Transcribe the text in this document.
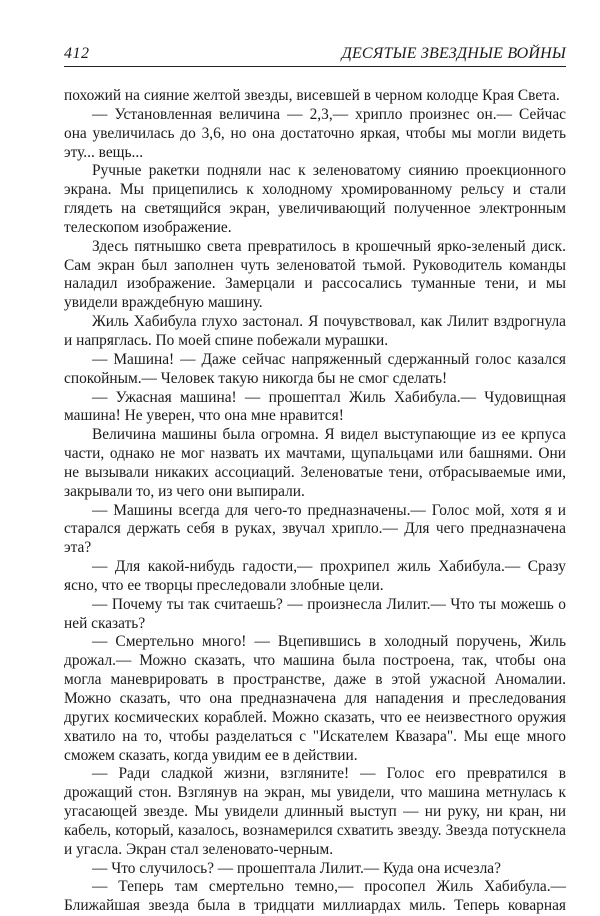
412	ДЕСЯТЫЕ ЗВЕЗДНЫЕ ВОЙНЫ

похожий на сияние желтой звезды, висевшей в черном колодце Края Света.

— Установленная величина — 2,3,— хрипло произнес он.— Сейчас она увеличилась до 3,6, но она достаточно яркая, чтобы мы могли видеть эту... вещь...

Ручные ракетки подняли нас к зеленоватому сиянию проекционного экрана. Мы прицепились к холодному хромированному рельсу и стали глядеть на светящийся экран, увеличивающий полученное электронным телескопом изображение.

Здесь пятнышко света превратилось в крошечный ярко-зеленый диск. Сам экран был заполнен чуть зеленоватой тьмой. Руководитель команды наладил изображение. Замерцали и рассосались туманные тени, и мы увидели враждебную машину.

Жиль Хабибула глухо застонал. Я почувствовал, как Лилит вздрогнула и напряглась. По моей спине побежали мурашки.

— Машина! — Даже сейчас напряженный сдержанный голос казался спокойным.— Человек такую никогда бы не смог сделать!

— Ужасная машина! — прошептал Жиль Хабибула.— Чудовищная машина! Не уверен, что она мне нравится!

Величина машины была огромна. Я видел выступающие из ее крпуса части, однако не мог назвать их мачтами, щупальцами или башнями. Они не вызывали никаких ассоциаций. Зеленоватые тени, отбрасываемые ими, закрывали то, из чего они выпирали.

— Машины всегда для чего-то предназначены.— Голос мой, хотя я и старался держать себя в руках, звучал хрипло.— Для чего предназначена эта?

— Для какой-нибудь гадости,— прохрипел жиль Хабибула.— Сразу ясно, что ее творцы преследовали злобные цели.

— Почему ты так считаешь? — произнесла Лилит.— Что ты можешь о ней сказать?

— Смертельно много! — Вцепившись в холодный поручень, Жиль дрожал.— Можно сказать, что машина была построена, так, чтобы она могла маневрировать в пространстве, даже в этой ужасной Аномалии. Можно сказать, что она предназначена для нападения и преследования других космических кораблей. Можно сказать, что ее неизвестного оружия хватило на то, чтобы разделаться с "Искателем Квазара". Мы еще много сможем сказать, когда увидим ее в действии.

— Ради сладкой жизни, взгляните! — Голос его превратился в дрожащий стон. Взглянув на экран, мы увидели, что машина метнулась к угасающей звезде. Мы увидели длинный выступ — ни руку, ни кран, ни кабель, который, казалось, вознамерился схватить звезду. Звезда потускнела и угасла. Экран стал зеленовато-черным.

— Что случилось? — прошептала Лилит.— Куда она исчезла?

— Теперь там смертельно темно,— просопел Жиль Хабибула.— Ближайшая звезда была в тридцати миллиардах миль. Теперь коварная
